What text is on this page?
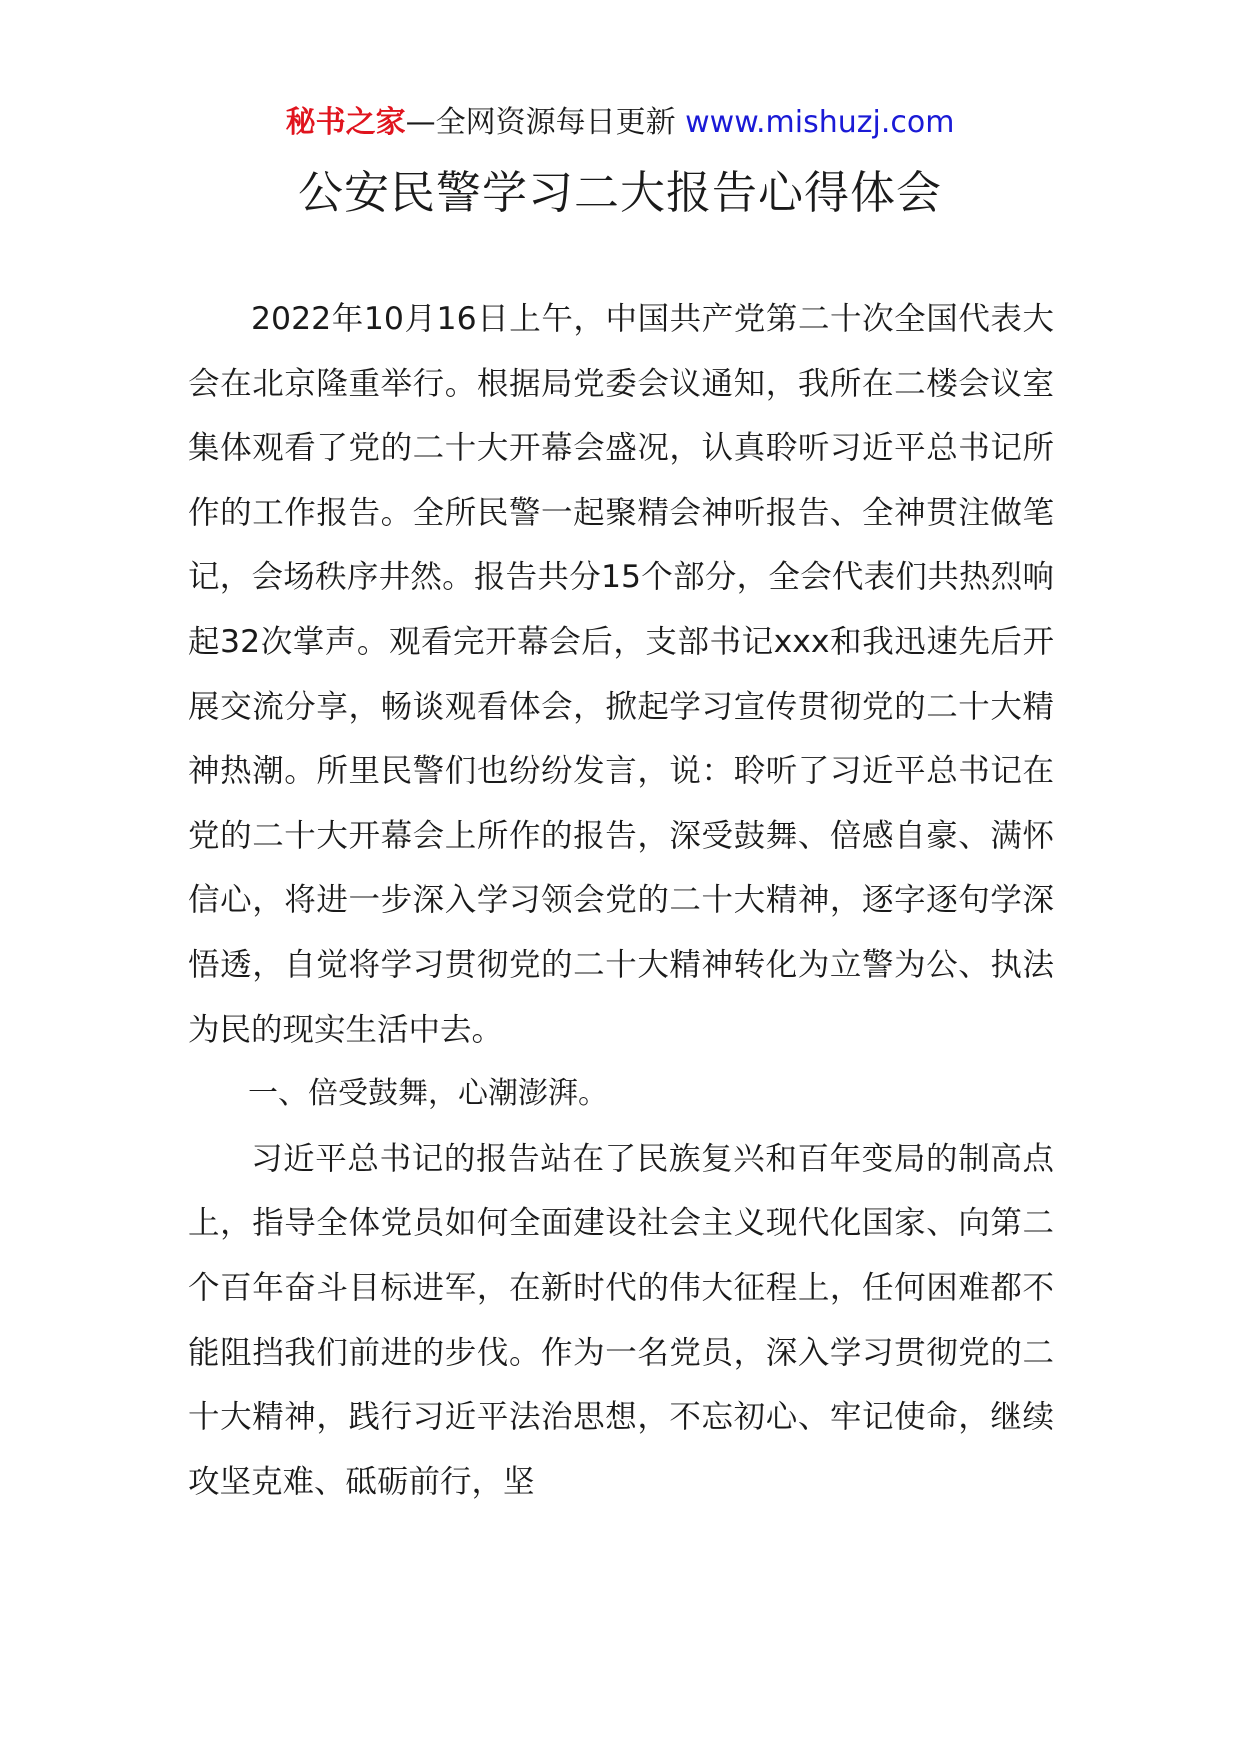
秘书之家—全网资源每日更新 www.mishuzj.com
公安民警学习二大报告心得体会

2022年10月16日上午，中国共产党第二十次全国代表大会在北京隆重举行。根据局党委会议通知，我所在二楼会议室集体观看了党的二十大开幕会盛况，认真聆听习近平总书记所作的工作报告。全所民警一起聚精会神听报告、全神贯注做笔记，会场秩序井然。报告共分15个部分，全会代表们共热烈响起32次掌声。观看完开幕会后，支部书记xxx和我迅速先后开展交流分享，畅谈观看体会，掀起学习宣传贯彻党的二十大精神热潮。所里民警们也纷纷发言，说：聆听了习近平总书记在党的二十大开幕会上所作的报告，深受鼓舞、倍感自豪、满怀信心，将进一步深入学习领会党的二十大精神，逐字逐句学深悟透，自觉将学习贯彻党的二十大精神转化为立警为公、执法为民的现实生活中去。

一、倍受鼓舞，心潮澎湃。

习近平总书记的报告站在了民族复兴和百年变局的制高点上，指导全体党员如何全面建设社会主义现代化国家、向第二个百年奋斗目标进军，在新时代的伟大征程上，任何困难都不能阻挡我们前进的步伐。作为一名党员，深入学习贯彻党的二十大精神，践行习近平法治思想，不忘初心、牢记使命，继续攻坚克难、砥砺前行，坚
